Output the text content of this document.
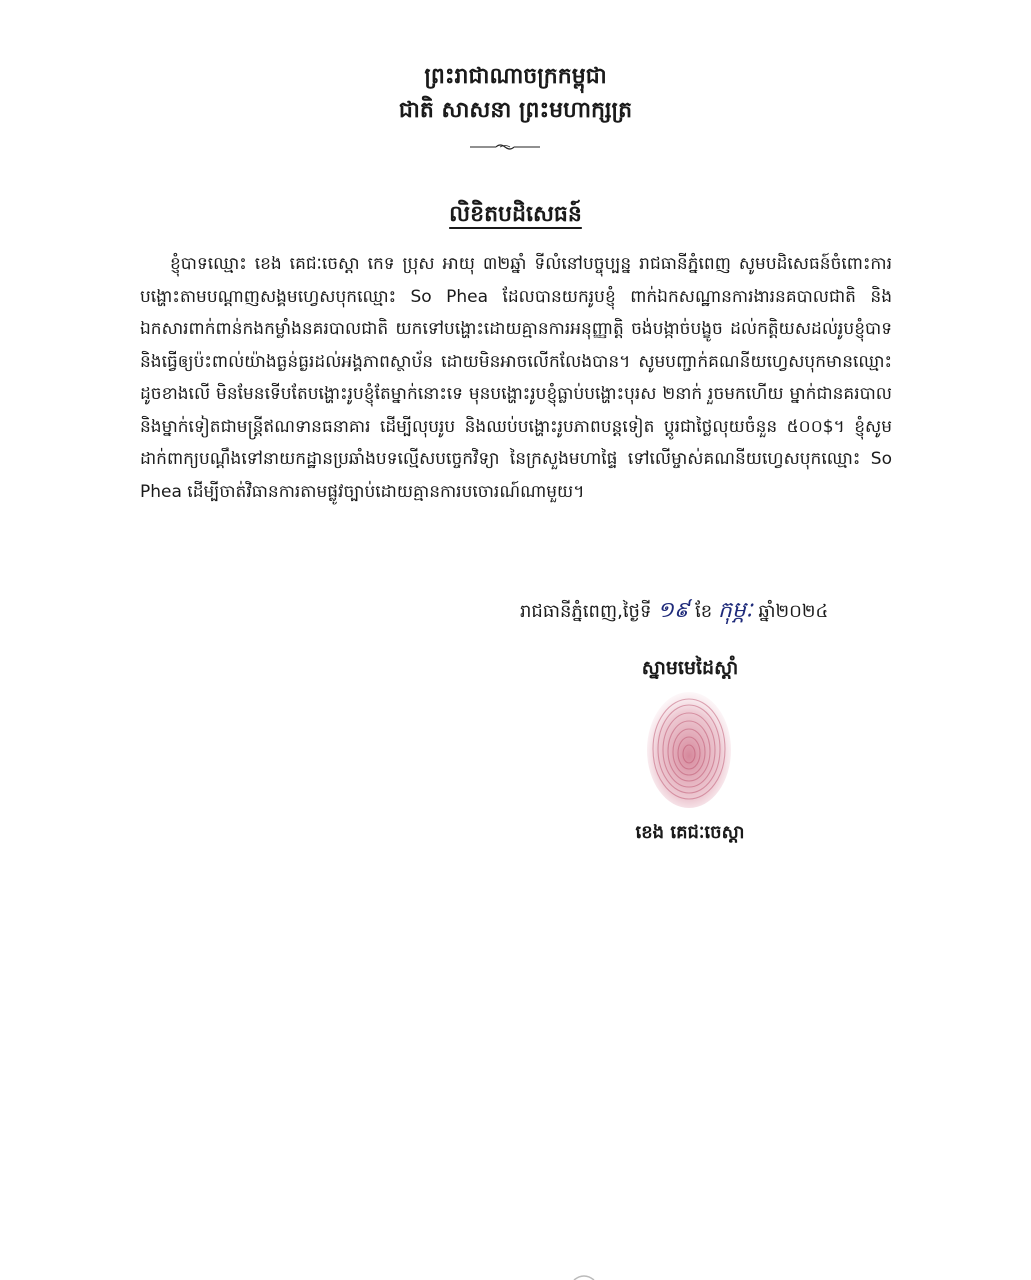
ព្រះរាជាណាចក្រកម្ពុជា
ជាតិ សាសនា ព្រះមហាក្សត្រ
លិខិតបដិសេធន៍

ខ្ញុំបាទឈ្មោះ ខេង គេជៈចេស្តា កេទ ប្រុស អាយុ ៣២ឆ្នាំ ទីលំនៅបច្ចុប្បន្ន រាជធានីភ្នំពេញ សូមបដិសេធន៍ចំពោះការបង្ហោះតាមបណ្តាញសង្គមហ្វេសបុកឈ្មោះ So Phea ដែលបានយករូបខ្ញុំ ពាក់ឯកសណ្ឋានការងារនគបាលជាតិ និងឯកសារពាក់ពាន់កងកម្លាំងនគរបាលជាតិ យកទៅបង្ហោះដោយគ្មានការអនុញ្ញាត្តិ ចង់បង្កាច់បង្ខូច ដល់កត្តិយសដល់រូបខ្ញុំបាទ និងធ្វើឲ្យប៉ះពាល់យ៉ាងធ្ងន់ធ្ងរដល់អង្គភាពស្ថាប័ន ដោយមិនអាចលើកលែងបាន។ សូមបញ្ជាក់គណនីយហ្វេសបុកមានឈ្មោះដូចខាងលើ មិនមែនទើបតែបង្ហោះរូបខ្ញុំតែម្នាក់នោះទេ មុនបង្ហោះរូបខ្ញុំធ្លាប់បង្ហោះបុរស ២នាក់ រួចមកហើយ ម្នាក់ជានគរបាល និងម្នាក់ទៀតជាមន្ត្រីឥណទានធនាគារ ដើម្បីលុបរូប និងឈប់បង្ហោះរូបភាពបន្តទៀត ប្តូរជាថ្លៃលុយចំនួន ៥០០$។ ខ្ញុំសូមដាក់ពាក្យបណ្តឹងទៅនាយកដ្ឋានប្រឆាំងបទល្មើសបច្ចេកវិទ្យា នៃក្រសួងមហាផ្ទៃ ទៅលើម្ចាស់គណនីយហ្វេសបុកឈ្មោះ So Phea ដើម្បីចាត់វិធានការតាមផ្លូវច្បាប់ដោយគ្មានការបចោរណ៍ណាមួយ។

រាជធានីភ្នំពេញ,ថ្ងៃទី ១៩ ខែ កុម្ភៈ ឆ្នាំ២០២៤
ស្នាមមេដៃស្តាំ
ខេង គេជៈចេស្តា
